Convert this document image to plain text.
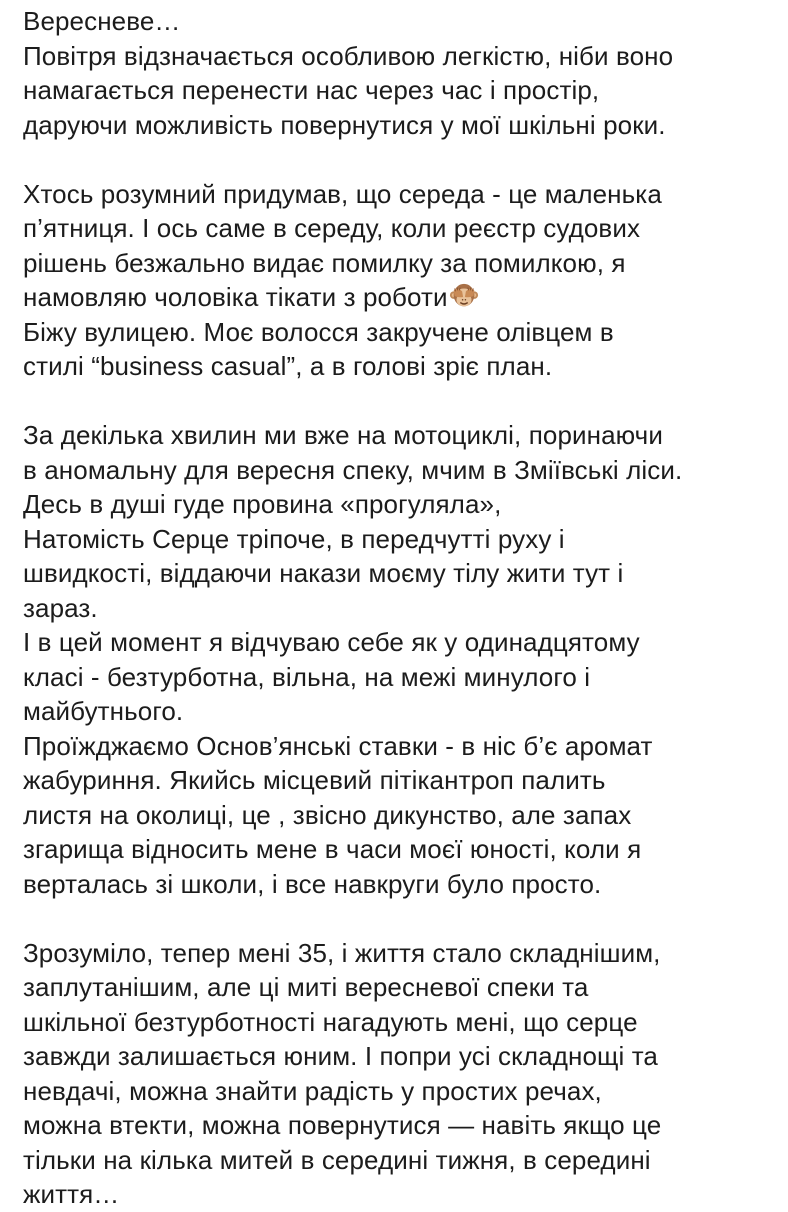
Вересневе…
Повітря відзначається особливою легкістю, ніби воно
намагається перенести нас через час і простір,
даруючи можливість повернутися у мої шкільні роки.
Хтось розумний придумав, що середа - це маленька
п’ятниця. І ось саме в середу, коли реєстр судових
рішень безжально видає помилку за помилкою, я
намовляю чоловіка тікати з роботи
Біжу вулицею. Моє волосся закручене олівцем в
стилі “business casual”, а в голові зріє план.
За декілька хвилин ми вже на мотоциклі, поринаючи
в аномальну для вересня спеку, мчим в Зміївські ліси.
Десь в душі гуде провина «прогуляла»,
Натомість Серце тріпоче, в передчутті руху і
швидкості, віддаючи накази моєму тілу жити тут і
зараз.
І в цей момент я відчуваю себе як у одинадцятому
класі - безтурботна, вільна, на межі минулого і
майбутнього.
Проїжджаємо Основ’янські ставки - в ніс б’є аромат
жабуриння. Якийсь місцевий пітікантроп палить
листя на околиці, це , звісно дикунство, але запах
згарища відносить мене в часи моєї юності, коли я
верталась зі школи, і все навкруги було просто.
Зрозуміло, тепер мені 35, і життя стало складнішим,
заплутанішим, але ці миті вересневої спеки та
шкільної безтурботності нагадують мені, що серце
завжди залишається юним. І попри усі складнощі та
невдачі, можна знайти радість у простих речах,
можна втекти, можна повернутися — навіть якщо це
тільки на кілька митей в середині тижня, в середині
життя…
